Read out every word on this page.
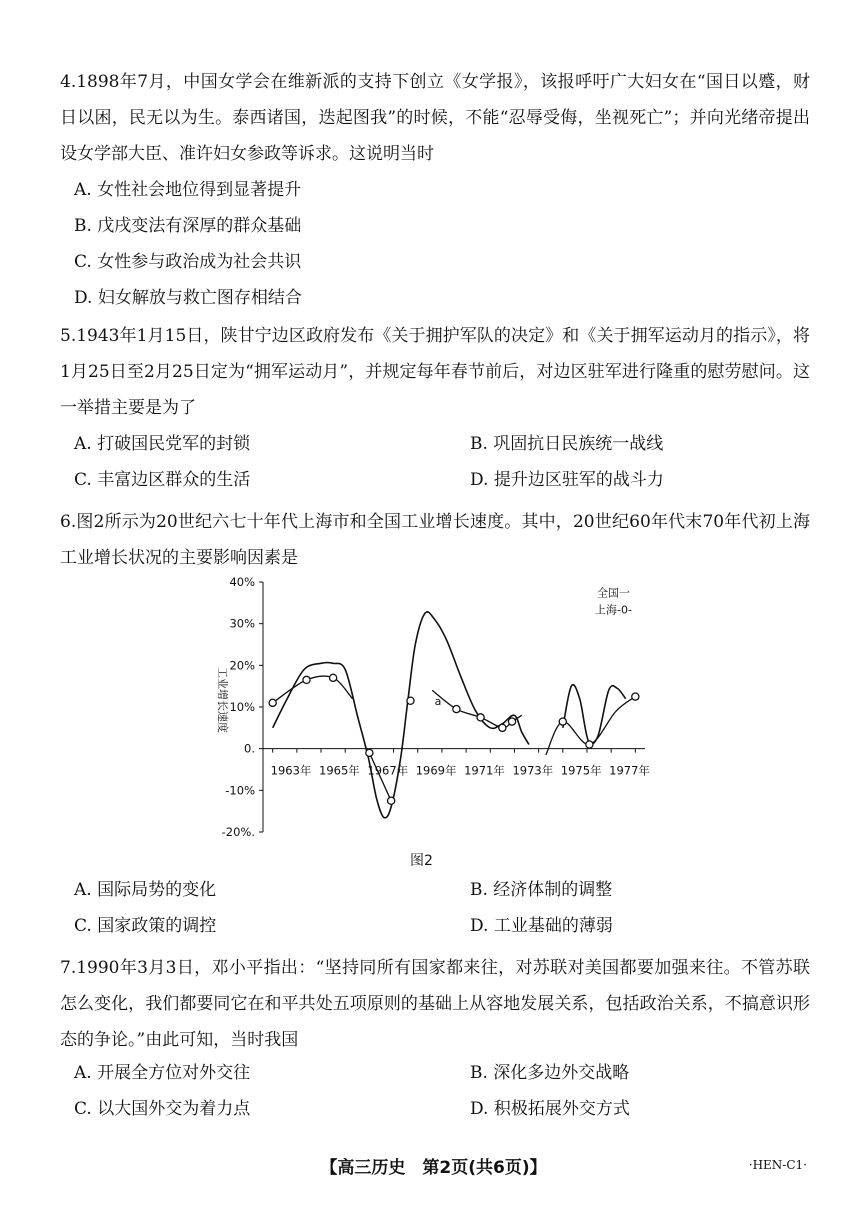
4.1898年7月，中国女学会在维新派的支持下创立《女学报》，该报呼吁广大妇女在“国日以蹙，财日以困，民无以为生。泰西诸国，迭起图我”的时候，不能“忍辱受侮，坐视死亡”；并向光绪帝提出设女学部大臣、准许妇女参政等诉求。这说明当时

A. 女性社会地位得到显著提升
B. 戊戌变法有深厚的群众基础
C. 女性参与政治成为社会共识
D. 妇女解放与救亡图存相结合

5.1943年1月15日，陕甘宁边区政府发布《关于拥护军队的决定》和《关于拥军运动月的指示》，将1月25日至2月25日定为“拥军运动月”，并规定每年春节前后，对边区驻军进行隆重的慰劳慰问。这一举措主要是为了

A. 打破国民党军的封锁	B. 巩固抗日民族统一战线
C. 丰富边区群众的生活	D. 提升边区驻军的战斗力

6.图2所示为20世纪六七十年代上海市和全国工业增长速度。其中，20世纪60年代末70年代初上海工业增长状况的主要影响因素是

40%
30%
20%
10%
0.
-10%
-20%.
1963年 1965年 1967年 1969年 1971年 1973年 1975年 1977年
工业增长速度
全国一
上海-0-
a
图2
A. 国际局势的变化	B. 经济体制的调整
C. 国家政策的调控	D. 工业基础的薄弱

7.1990年3月3日，邓小平指出：“坚持同所有国家都来往，对苏联对美国都要加强来往。不管苏联怎么变化，我们都要同它在和平共处五项原则的基础上从容地发展关系，包括政治关系，不搞意识形态的争论。”由此可知，当时我国

A. 开展全方位对外交往	B. 深化多边外交战略
C. 以大国外交为着力点	D. 积极拓展外交方式
【高三历史　第2页(共6页)】	·HEN-C1·
